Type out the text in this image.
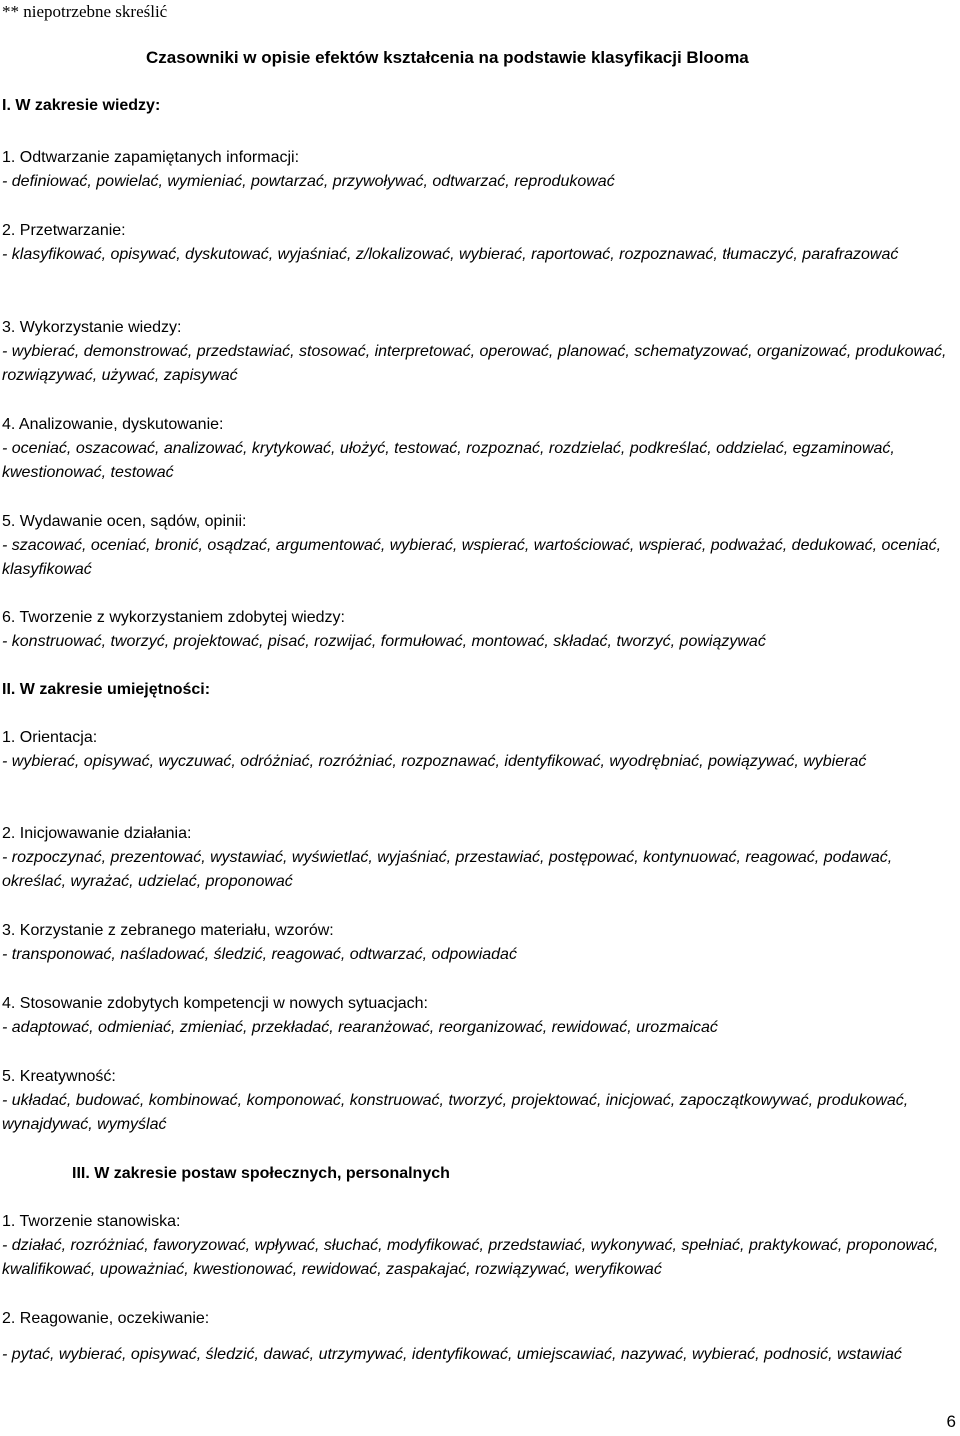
** niepotrzebne skreślić
Czasowniki w opisie efektów kształcenia na podstawie klasyfikacji Blooma
I. W zakresie wiedzy:
1. Odtwarzanie zapamiętanych informacji:
- definiować, powielać, wymieniać, powtarzać, przywoływać, odtwarzać, reprodukować
2. Przetwarzanie:
- klasyfikować, opisywać, dyskutować, wyjaśniać, z/lokalizować, wybierać, raportować, rozpoznawać, tłumaczyć, parafrazować
3. Wykorzystanie wiedzy:
- wybierać, demonstrować, przedstawiać, stosować, interpretować, operować, planować, schematyzować, organizować, produkować, rozwiązywać, używać, zapisywać
4. Analizowanie, dyskutowanie:
- oceniać, oszacować, analizować, krytykować, ułożyć, testować, rozpoznać, rozdzielać, podkreślać, oddzielać, egzaminować, kwestionować, testować
5. Wydawanie ocen, sądów, opinii:
- szacować, oceniać, bronić, osądzać, argumentować, wybierać, wspierać, wartościować, wspierać, podważać, dedukować, oceniać, klasyfikować
6. Tworzenie z wykorzystaniem zdobytej wiedzy:
- konstruować, tworzyć, projektować, pisać, rozwijać, formułować, montować, składać, tworzyć, powiązywać
II. W zakresie umiejętności:
1. Orientacja:
- wybierać, opisywać, wyczuwać, odróżniać, rozróżniać, rozpoznawać, identyfikować, wyodrębniać, powiązywać, wybierać
2. Inicjowawanie działania:
- rozpoczynać, prezentować, wystawiać, wyświetlać, wyjaśniać, przestawiać, postępować, kontynuować, reagować, podawać, określać, wyrażać, udzielać, proponować
3. Korzystanie z zebranego materiału, wzorów:
- transponować, naśladować, śledzić, reagować, odtwarzać, odpowiadać
4. Stosowanie zdobytych kompetencji w nowych sytuacjach:
- adaptować, odmieniać, zmieniać, przekładać, rearanżować, reorganizować, rewidować, urozmaicać
5. Kreatywność:
- układać, budować, kombinować, komponować, konstruować, tworzyć, projektować, inicjować, zapoczątkowywać, produkować, wynajdywać, wymyślać
III. W zakresie postaw społecznych, personalnych
1. Tworzenie stanowiska:
- działać, rozróżniać, faworyzować, wpływać, słuchać, modyfikować, przedstawiać, wykonywać, spełniać, praktykować, proponować, kwalifikować, upoważniać, kwestionować, rewidować, zaspakajać, rozwiązywać, weryfikować
2. Reagowanie, oczekiwanie:
- pytać, wybierać, opisywać, śledzić, dawać, utrzymywać, identyfikować, umiejscawiać, nazywać, wybierać, podnosić, wstawiać
6
